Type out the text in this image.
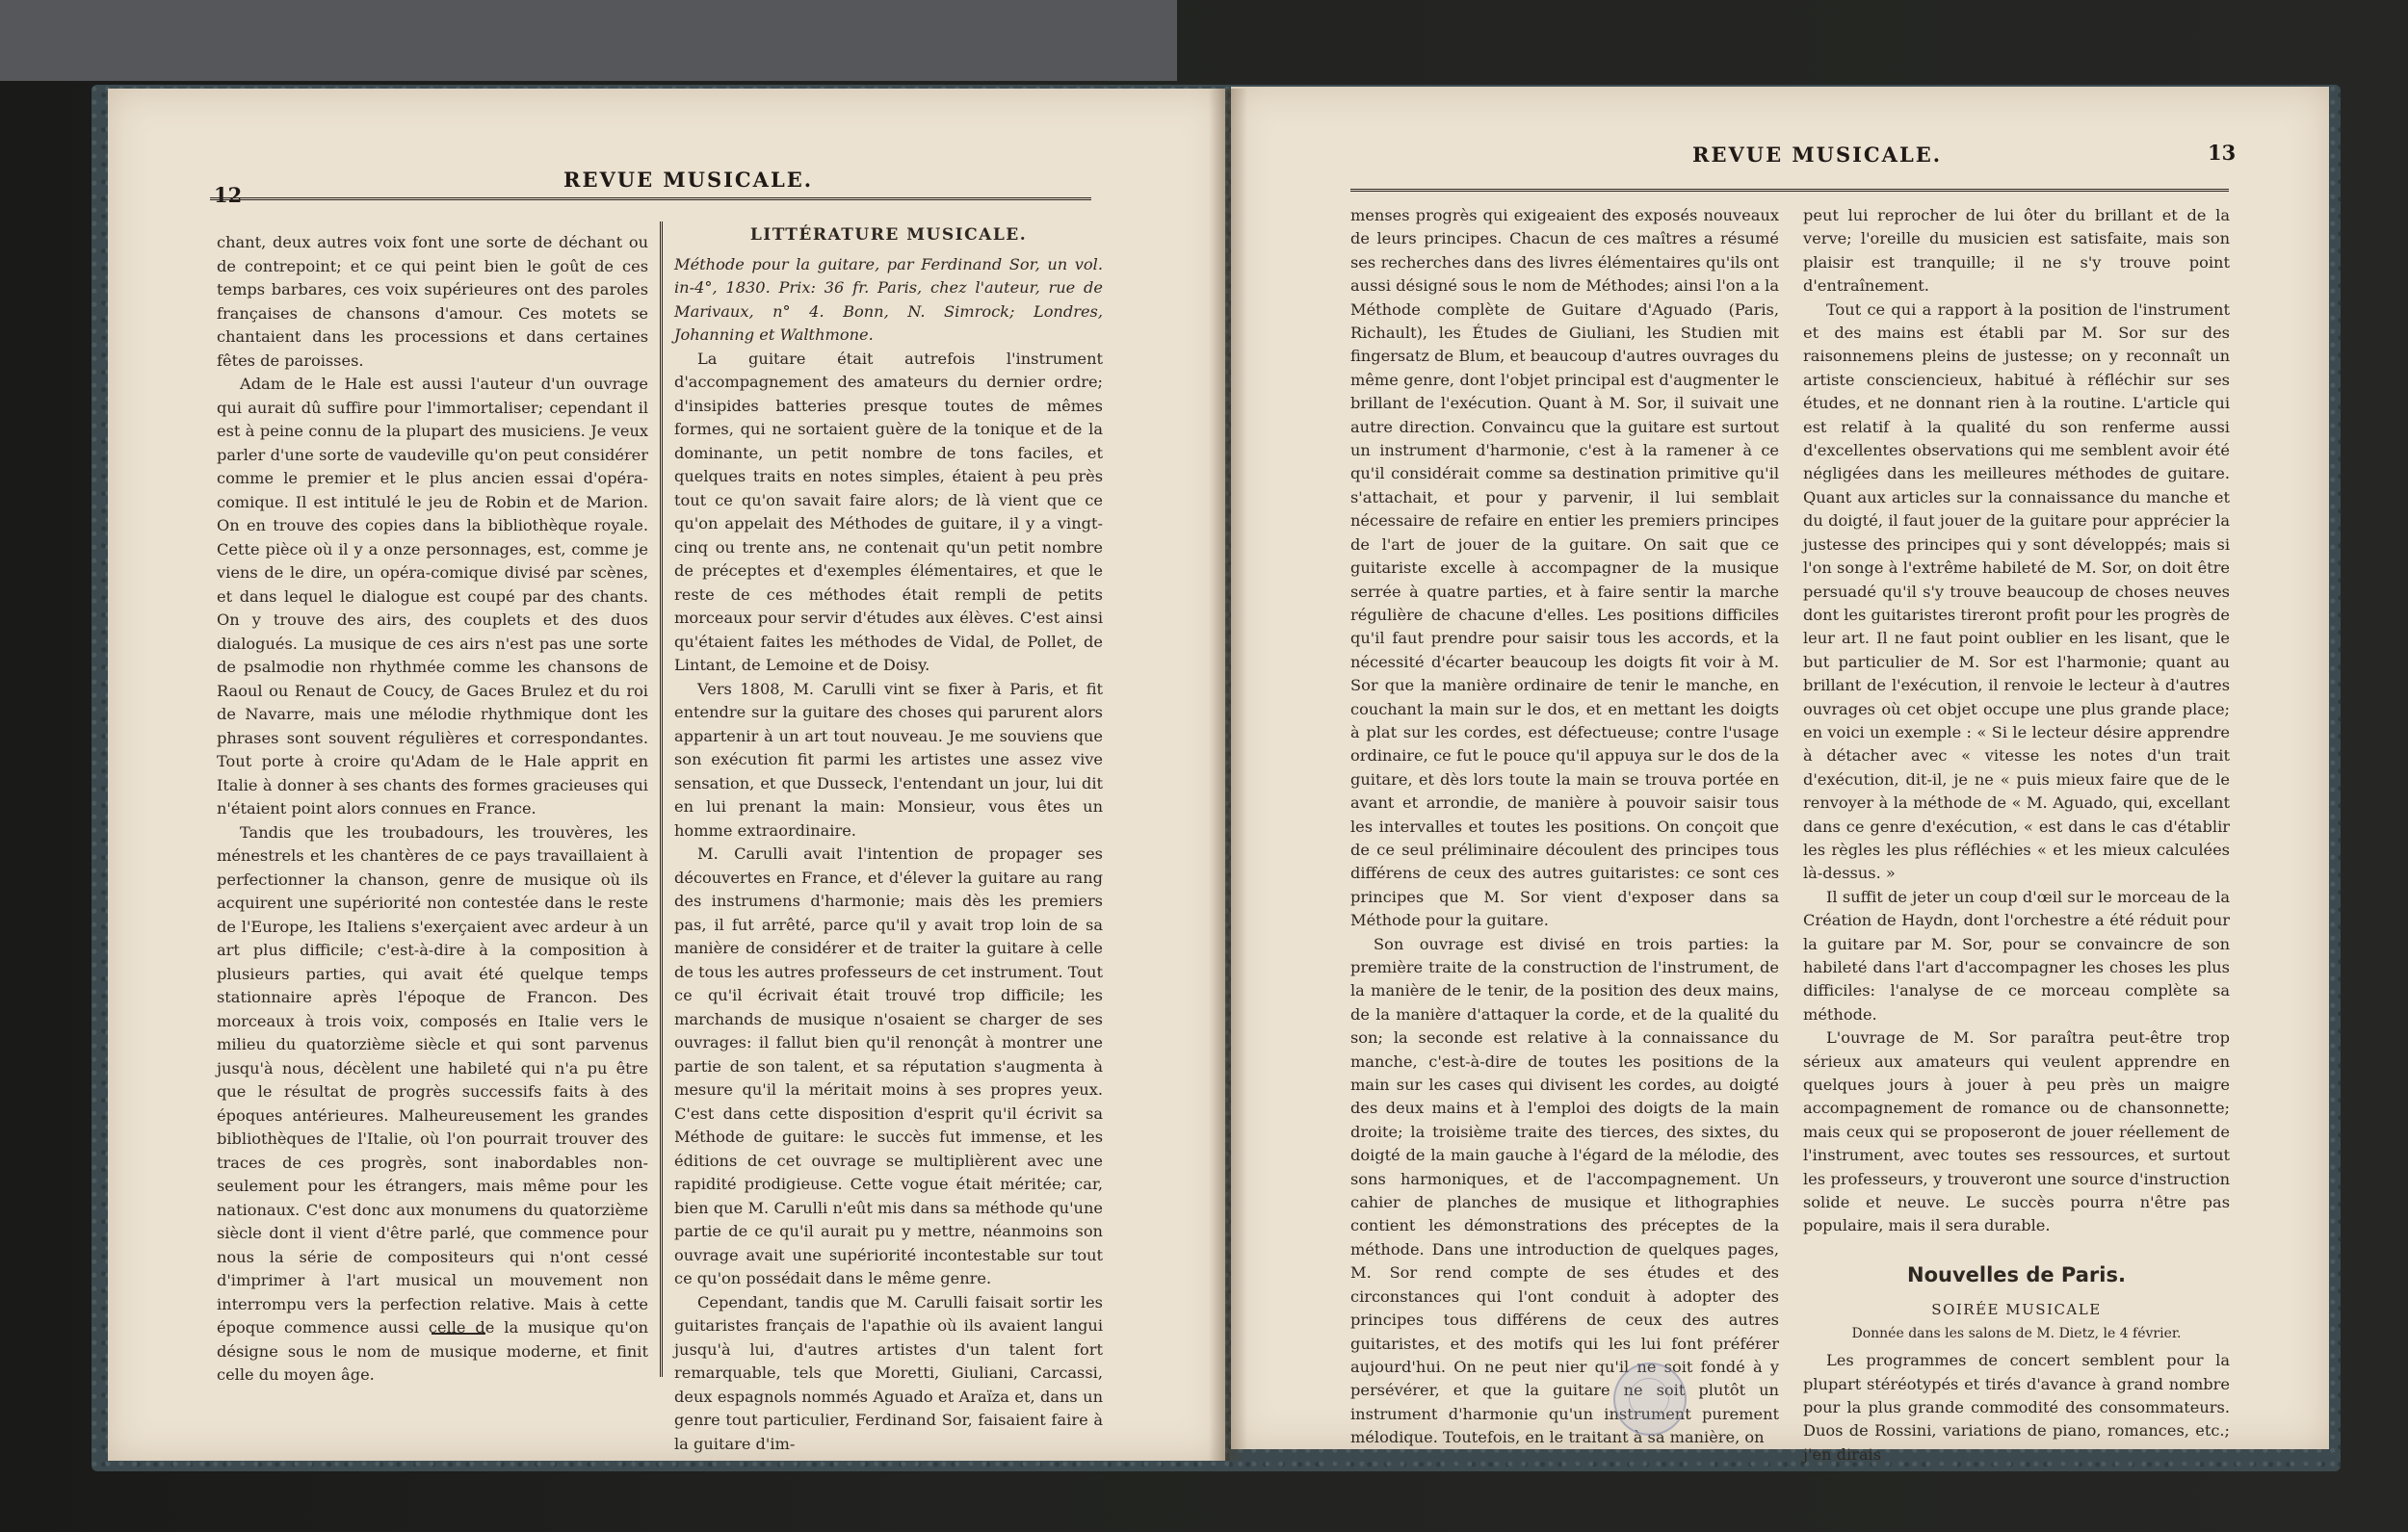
12
REVUE MUSICALE.

chant, deux autres voix font une sorte de déchant ou de contrepoint; et ce qui peint bien le goût de ces temps barbares, ces voix supérieures ont des paroles françaises de chansons d'amour. Ces motets se chantaient dans les processions et dans certaines fêtes de paroisses.

Adam de le Hale est aussi l'auteur d'un ouvrage qui aurait dû suffire pour l'immortaliser; cependant il est à peine connu de la plupart des musiciens. Je veux parler d'une sorte de vaudeville qu'on peut considérer comme le premier et le plus ancien essai d'opéra-comique. Il est intitulé le jeu de Robin et de Marion. On en trouve des copies dans la bibliothèque royale. Cette pièce où il y a onze personnages, est, comme je viens de le dire, un opéra-comique divisé par scènes, et dans lequel le dialogue est coupé par des chants. On y trouve des airs, des couplets et des duos dialogués. La musique de ces airs n'est pas une sorte de psalmodie non rhythmée comme les chansons de Raoul ou Renaut de Coucy, de Gaces Brulez et du roi de Navarre, mais une mélodie rhythmique dont les phrases sont souvent régulières et correspondantes. Tout porte à croire qu'Adam de le Hale apprit en Italie à donner à ses chants des formes gracieuses qui n'étaient point alors connues en France.

Tandis que les troubadours, les trouvères, les ménestrels et les chantères de ce pays travaillaient à perfectionner la chanson, genre de musique où ils acquirent une supériorité non contestée dans le reste de l'Europe, les Italiens s'exerçaient avec ardeur à un art plus difficile; c'est-à-dire à la composition à plusieurs parties, qui avait été quelque temps stationnaire après l'époque de Francon. Des morceaux à trois voix, composés en Italie vers le milieu du quatorzième siècle et qui sont parvenus jusqu'à nous, décèlent une habileté qui n'a pu être que le résultat de progrès successifs faits à des époques antérieures. Malheureusement les grandes bibliothèques de l'Italie, où l'on pourrait trouver des traces de ces progrès, sont inabordables non-seulement pour les étrangers, mais même pour les nationaux. C'est donc aux monumens du quatorzième siècle dont il vient d'être parlé, que commence pour nous la série de compositeurs qui n'ont cessé d'imprimer à l'art musical un mouvement non interrompu vers la perfection relative. Mais à cette époque commence aussi celle de la musique qu'on désigne sous le nom de musique moderne, et finit celle du moyen âge.

LITTÉRATURE MUSICALE.

Méthode pour la guitare, par Ferdinand Sor, un vol. in-4°, 1830. Prix: 36 fr. Paris, chez l'auteur, rue de Marivaux, n° 4. Bonn, N. Simrock; Londres, Johanning et Walthmone.

La guitare était autrefois l'instrument d'accompagnement des amateurs du dernier ordre; d'insipides batteries presque toutes de mêmes formes, qui ne sortaient guère de la tonique et de la dominante, un petit nombre de tons faciles, et quelques traits en notes simples, étaient à peu près tout ce qu'on savait faire alors; de là vient que ce qu'on appelait des Méthodes de guitare, il y a vingt-cinq ou trente ans, ne contenait qu'un petit nombre de préceptes et d'exemples élémentaires, et que le reste de ces méthodes était rempli de petits morceaux pour servir d'études aux élèves. C'est ainsi qu'étaient faites les méthodes de Vidal, de Pollet, de Lintant, de Lemoine et de Doisy.

Vers 1808, M. Carulli vint se fixer à Paris, et fit entendre sur la guitare des choses qui parurent alors appartenir à un art tout nouveau. Je me souviens que son exécution fit parmi les artistes une assez vive sensation, et que Dusseck, l'entendant un jour, lui dit en lui prenant la main: Monsieur, vous êtes un homme extraordinaire.

M. Carulli avait l'intention de propager ses découvertes en France, et d'élever la guitare au rang des instrumens d'harmonie; mais dès les premiers pas, il fut arrêté, parce qu'il y avait trop loin de sa manière de considérer et de traiter la guitare à celle de tous les autres professeurs de cet instrument. Tout ce qu'il écrivait était trouvé trop difficile; les marchands de musique n'osaient se charger de ses ouvrages: il fallut bien qu'il renonçât à montrer une partie de son talent, et sa réputation s'augmenta à mesure qu'il la méritait moins à ses propres yeux. C'est dans cette disposition d'esprit qu'il écrivit sa Méthode de guitare: le succès fut immense, et les éditions de cet ouvrage se multiplièrent avec une rapidité prodigieuse. Cette vogue était méritée; car, bien que M. Carulli n'eût mis dans sa méthode qu'une partie de ce qu'il aurait pu y mettre, néanmoins son ouvrage avait une supériorité incontestable sur tout ce qu'on possédait dans le même genre.

Cependant, tandis que M. Carulli faisait sortir les guitaristes français de l'apathie où ils avaient langui jusqu'à lui, d'autres artistes d'un talent fort remarquable, tels que Moretti, Giuliani, Carcassi, deux espagnols nommés Aguado et Araïza et, dans un genre tout particulier, Ferdinand Sor, faisaient faire à la guitare d'im-

REVUE MUSICALE.	13

menses progrès qui exigeaient des exposés nouveaux de leurs principes. Chacun de ces maîtres a résumé ses recherches dans des livres élémentaires qu'ils ont aussi désigné sous le nom de Méthodes; ainsi l'on a la Méthode complète de Guitare d'Aguado (Paris, Richault), les Études de Giuliani, les Studien mit fingersatz de Blum, et beaucoup d'autres ouvrages du même genre, dont l'objet principal est d'augmenter le brillant de l'exécution. Quant à M. Sor, il suivait une autre direction. Convaincu que la guitare est surtout un instrument d'harmonie, c'est à la ramener à ce qu'il considérait comme sa destination primitive qu'il s'attachait, et pour y parvenir, il lui semblait nécessaire de refaire en entier les premiers principes de l'art de jouer de la guitare. On sait que ce guitariste excelle à accompagner de la musique serrée à quatre parties, et à faire sentir la marche régulière de chacune d'elles. Les positions difficiles qu'il faut prendre pour saisir tous les accords, et la nécessité d'écarter beaucoup les doigts fit voir à M. Sor que la manière ordinaire de tenir le manche, en couchant la main sur le dos, et en mettant les doigts à plat sur les cordes, est défectueuse; contre l'usage ordinaire, ce fut le pouce qu'il appuya sur le dos de la guitare, et dès lors toute la main se trouva portée en avant et arrondie, de manière à pouvoir saisir tous les intervalles et toutes les positions. On conçoit que de ce seul préliminaire découlent des principes tous différens de ceux des autres guitaristes: ce sont ces principes que M. Sor vient d'exposer dans sa Méthode pour la guitare.

Son ouvrage est divisé en trois parties: la première traite de la construction de l'instrument, de la manière de le tenir, de la position des deux mains, de la manière d'attaquer la corde, et de la qualité du son; la seconde est relative à la connaissance du manche, c'est-à-dire de toutes les positions de la main sur les cases qui divisent les cordes, au doigté des deux mains et à l'emploi des doigts de la main droite; la troisième traite des tierces, des sixtes, du doigté de la main gauche à l'égard de la mélodie, des sons harmoniques, et de l'accompagnement. Un cahier de planches de musique et lithographies contient les démonstrations des préceptes de la méthode. Dans une introduction de quelques pages, M. Sor rend compte de ses études et des circonstances qui l'ont conduit à adopter des principes tous différens de ceux des autres guitaristes, et des motifs qui les lui font préférer aujourd'hui. On ne peut nier qu'il ne soit fondé à y persévérer, et que la guitare ne soit plutôt un instrument d'harmonie qu'un instrument purement mélodique. Toutefois, en le traitant à sa manière, on

peut lui reprocher de lui ôter du brillant et de la verve; l'oreille du musicien est satisfaite, mais son plaisir est tranquille; il ne s'y trouve point d'entraînement.

Tout ce qui a rapport à la position de l'instrument et des mains est établi par M. Sor sur des raisonnemens pleins de justesse; on y reconnaît un artiste consciencieux, habitué à réfléchir sur ses études, et ne donnant rien à la routine. L'article qui est relatif à la qualité du son renferme aussi d'excellentes observations qui me semblent avoir été négligées dans les meilleures méthodes de guitare. Quant aux articles sur la connaissance du manche et du doigté, il faut jouer de la guitare pour apprécier la justesse des principes qui y sont développés; mais si l'on songe à l'extrême habileté de M. Sor, on doit être persuadé qu'il s'y trouve beaucoup de choses neuves dont les guitaristes tireront profit pour les progrès de leur art. Il ne faut point oublier en les lisant, que le but particulier de M. Sor est l'harmonie; quant au brillant de l'exécution, il renvoie le lecteur à d'autres ouvrages où cet objet occupe une plus grande place; en voici un exemple : « Si le lecteur désire apprendre à détacher avec « vitesse les notes d'un trait d'exécution, dit-il, je ne « puis mieux faire que de le renvoyer à la méthode de « M. Aguado, qui, excellant dans ce genre d'exécution, « est dans le cas d'établir les règles les plus réfléchies « et les mieux calculées là-dessus. »

Il suffit de jeter un coup d'œil sur le morceau de la Création de Haydn, dont l'orchestre a été réduit pour la guitare par M. Sor, pour se convaincre de son habileté dans l'art d'accompagner les choses les plus difficiles: l'analyse de ce morceau complète sa méthode.

L'ouvrage de M. Sor paraîtra peut-être trop sérieux aux amateurs qui veulent apprendre en quelques jours à jouer à peu près un maigre accompagnement de romance ou de chansonnette; mais ceux qui se proposeront de jouer réellement de l'instrument, avec toutes ses ressources, et surtout les professeurs, y trouveront une source d'instruction solide et neuve. Le succès pourra n'être pas populaire, mais il sera durable.

Nouvelles de Paris.
SOIRÉE MUSICALE
Donnée dans les salons de M. Dietz, le 4 février.

Les programmes de concert semblent pour la plupart stéréotypés et tirés d'avance à grand nombre pour la plus grande commodité des consommateurs. Duos de Rossini, variations de piano, romances, etc.; j'en dirais
